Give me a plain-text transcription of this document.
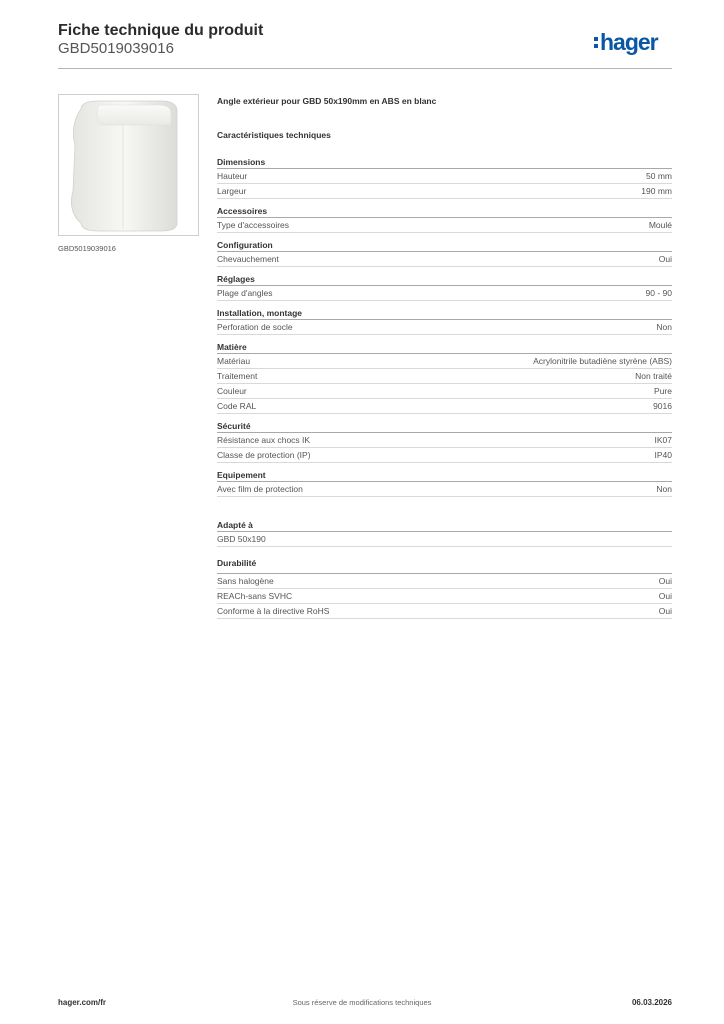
Fiche technique du produit
GBD5019039016	hager
GBD5019039016
Angle extérieur pour GBD 50x190mm en ABS en blanc
Caractéristiques techniques
Dimensions
Hauteur	50 mm
Largeur	190 mm
Accessoires
Type d'accessoires	Moulé
Configuration
Chevauchement	Oui
Réglages
Plage d'angles	90 - 90
Installation, montage
Perforation de socle	Non
Matière
Matériau	Acrylonitrile butadiène styrène (ABS)
Traitement	Non traité
Couleur	Pure
Code RAL	9016
Sécurité
Résistance aux chocs IK	IK07
Classe de protection (IP)	IP40
Equipement
Avec film de protection	Non
Adapté à
GBD 50x190
Durabilité
Sans halogène	Oui
REACh-sans SVHC	Oui
Conforme à la directive RoHS	Oui
hager.com/fr	Sous réserve de modifications techniques	06.03.2026
